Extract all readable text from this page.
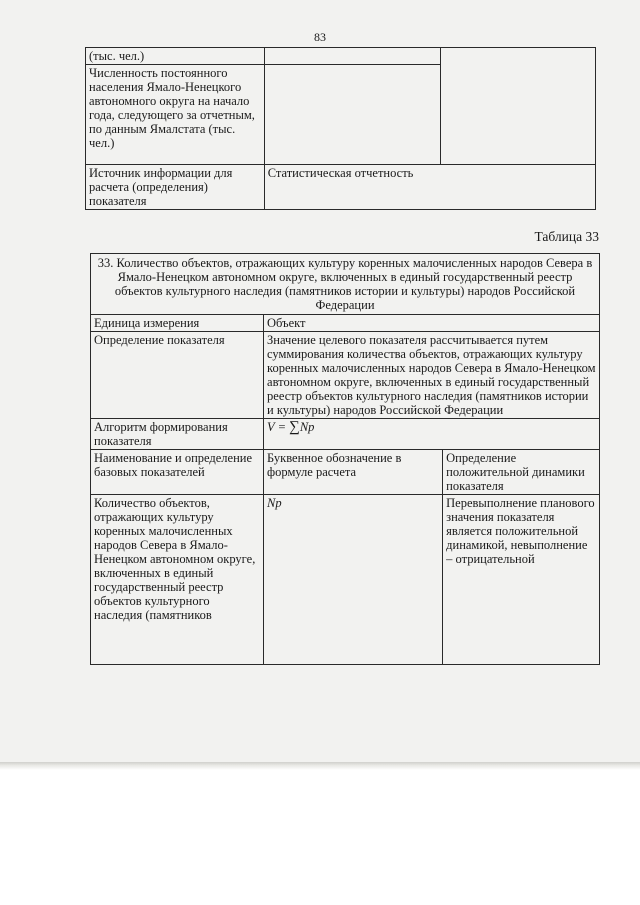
83
(тыс. чел.)		
Численность постоянного населения Ямало-Ненецкого автономного округа на начало года, следующего за отчетным, по данным Ямалстата (тыс. чел.)		
Источник информации для расчета (определения) показателя	Статистическая отчетность	
Таблица 33
33. Количество объектов, отражающих культуру коренных малочисленных народов Севера в Ямало-Ненецком автономном округе, включенных в единый государственный реестр объектов культурного наследия (памятников истории и культуры) народов Российской Федерации		
Единица измерения	Объект	
Определение показателя	Значение целевого показателя рассчитывается путем суммирования количества объектов, отражающих культуру коренных малочисленных народов Севера в Ямало-Ненецком автономном округе, включенных в единый государственный реестр объектов культурного наследия (памятников истории и культуры) народов Российской Федерации	
Алгоритм формирования показателя	V = ∑Np	
Наименование и определение базовых показателей	Буквенное обозначение в формуле расчета	Определение положительной динамики показателя
Количество объектов, отражающих культуру коренных малочисленных народов Севера в Ямало-Ненецком автономном округе, включенных в единый государственный реестр объектов культурного наследия (памятников	Np	Перевыполнение планового значения показателя является положительной динамикой, невыполнение – отрицательной
